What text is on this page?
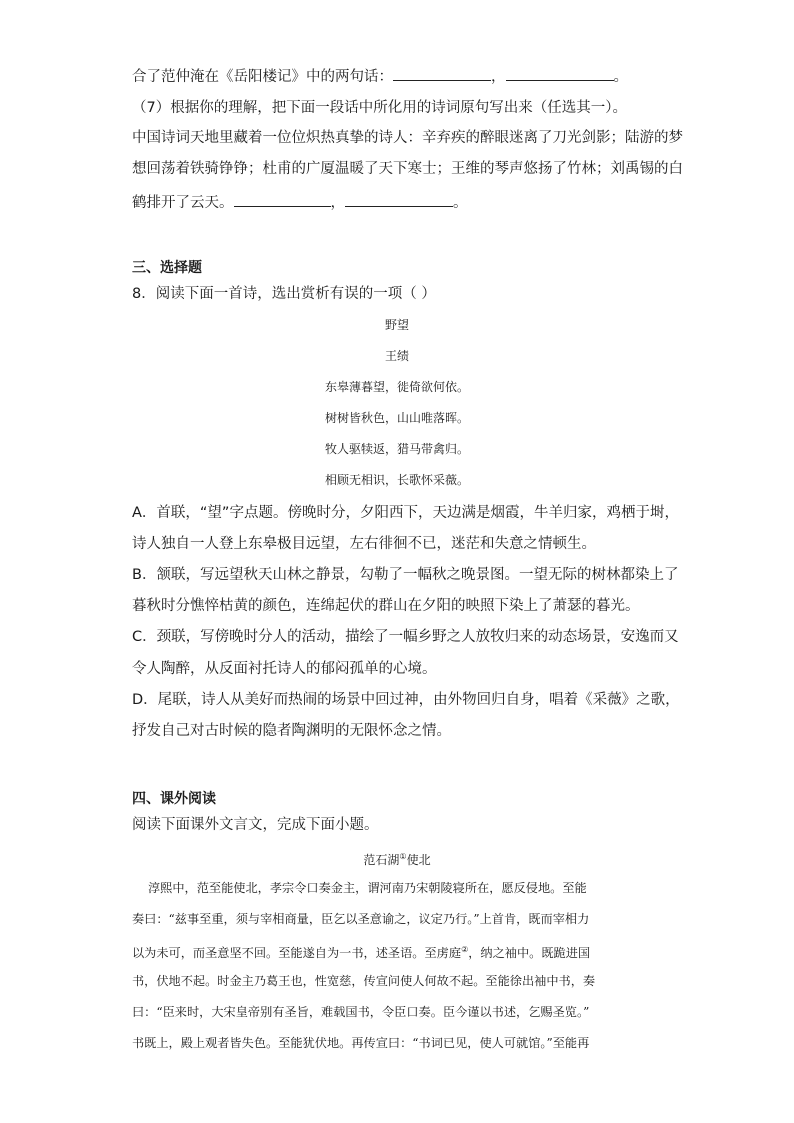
合了范仲淹在《岳阳楼记》中的两句话：	，	。
（7）根据你的理解，把下面一段话中所化用的诗词原句写出来（任选其一）。
中国诗词天地里藏着一位位炽热真挚的诗人：辛弃疾的醉眼迷离了刀光剑影；陆游的梦
想回荡着铁骑铮铮；杜甫的广厦温暖了天下寒士；王维的琴声悠扬了竹林；刘禹锡的白
鹤排开了云天。	，	。
三、选择题
8．阅读下面一首诗，选出赏析有误的一项（ ）
野望
王绩
东皋薄暮望，徙倚欲何依。
树树皆秋色，山山唯落晖。
牧人驱犊返，猎马带禽归。
相顾无相识，长歌怀采薇。
A．首联，“望”字点题。傍晚时分，夕阳西下，天边满是烟霞，牛羊归家，鸡栖于埘，
诗人独自一人登上东皋极目远望，左右徘徊不已，迷茫和失意之情顿生。
B．颔联，写远望秋天山林之静景，勾勒了一幅秋之晚景图。一望无际的树林都染上了
暮秋时分憔悴枯黄的颜色，连绵起伏的群山在夕阳的映照下染上了萧瑟的暮光。
C．颈联，写傍晚时分人的活动，描绘了一幅乡野之人放牧归来的动态场景，安逸而又
令人陶醉，从反面衬托诗人的郁闷孤单的心境。
D．尾联，诗人从美好而热闹的场景中回过神，由外物回归自身，唱着《采薇》之歌，
抒发自己对古时候的隐者陶渊明的无限怀念之情。
四、课外阅读
阅读下面课外文言文，完成下面小题。
范石湖①使北
淳熙中，范至能使北，孝宗令口奏金主，谓河南乃宋朝陵寝所在，愿反侵地。至能
奏曰：“兹事至重，须与宰相商量，臣乞以圣意谕之，议定乃行。”上首肯，既而宰相力
以为未可，而圣意坚不回。至能遂自为一书，述圣语。至虏庭②，纳之袖中。既跪进国
书，伏地不起。时金主乃葛王也，性宽慈，传宣问使人何故不起。至能徐出袖中书，奏
曰：“臣来时，大宋皇帝别有圣旨，难载国书，令臣口奏。臣今谨以书述，乞赐圣览。”
书既上，殿上观者皆失色。至能犹伏地。再传宣曰：“书词已见，使人可就馆。”至能再
